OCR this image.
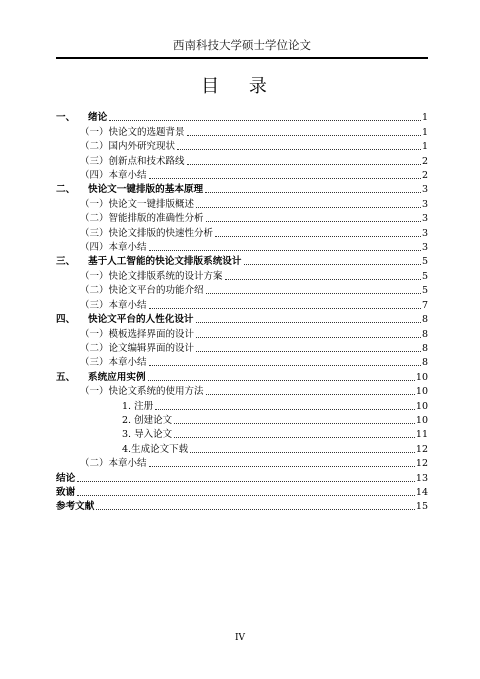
西南科技大学硕士学位论文
目 录
一、	绪论	1
（一）快论文的选题背景	1
（二）国内外研究现状	1
（三）创新点和技术路线	2
（四）本章小结	2
二、	快论文一键排版的基本原理	3
（一）快论文一键排版概述	3
（二）智能排版的准确性分析	3
（三）快论文排版的快速性分析	3
（四）本章小结	3
三、	基于人工智能的快论文排版系统设计	5
（一）快论文排版系统的设计方案	5
（二）快论文平台的功能介绍	5
（三）本章小结	7
四、	快论文平台的人性化设计	8
（一）模板选择界面的设计	8
（二）论文编辑界面的设计	8
（三）本章小结	8
五、	系统应用实例	10
（一）快论文系统的使用方法	10
1. 注册	10
2. 创建论文	10
3. 导入论文	11
4.生成论文下载	12
（二）本章小结	12
结论	13
致谢	14
参考文献	15
IV
